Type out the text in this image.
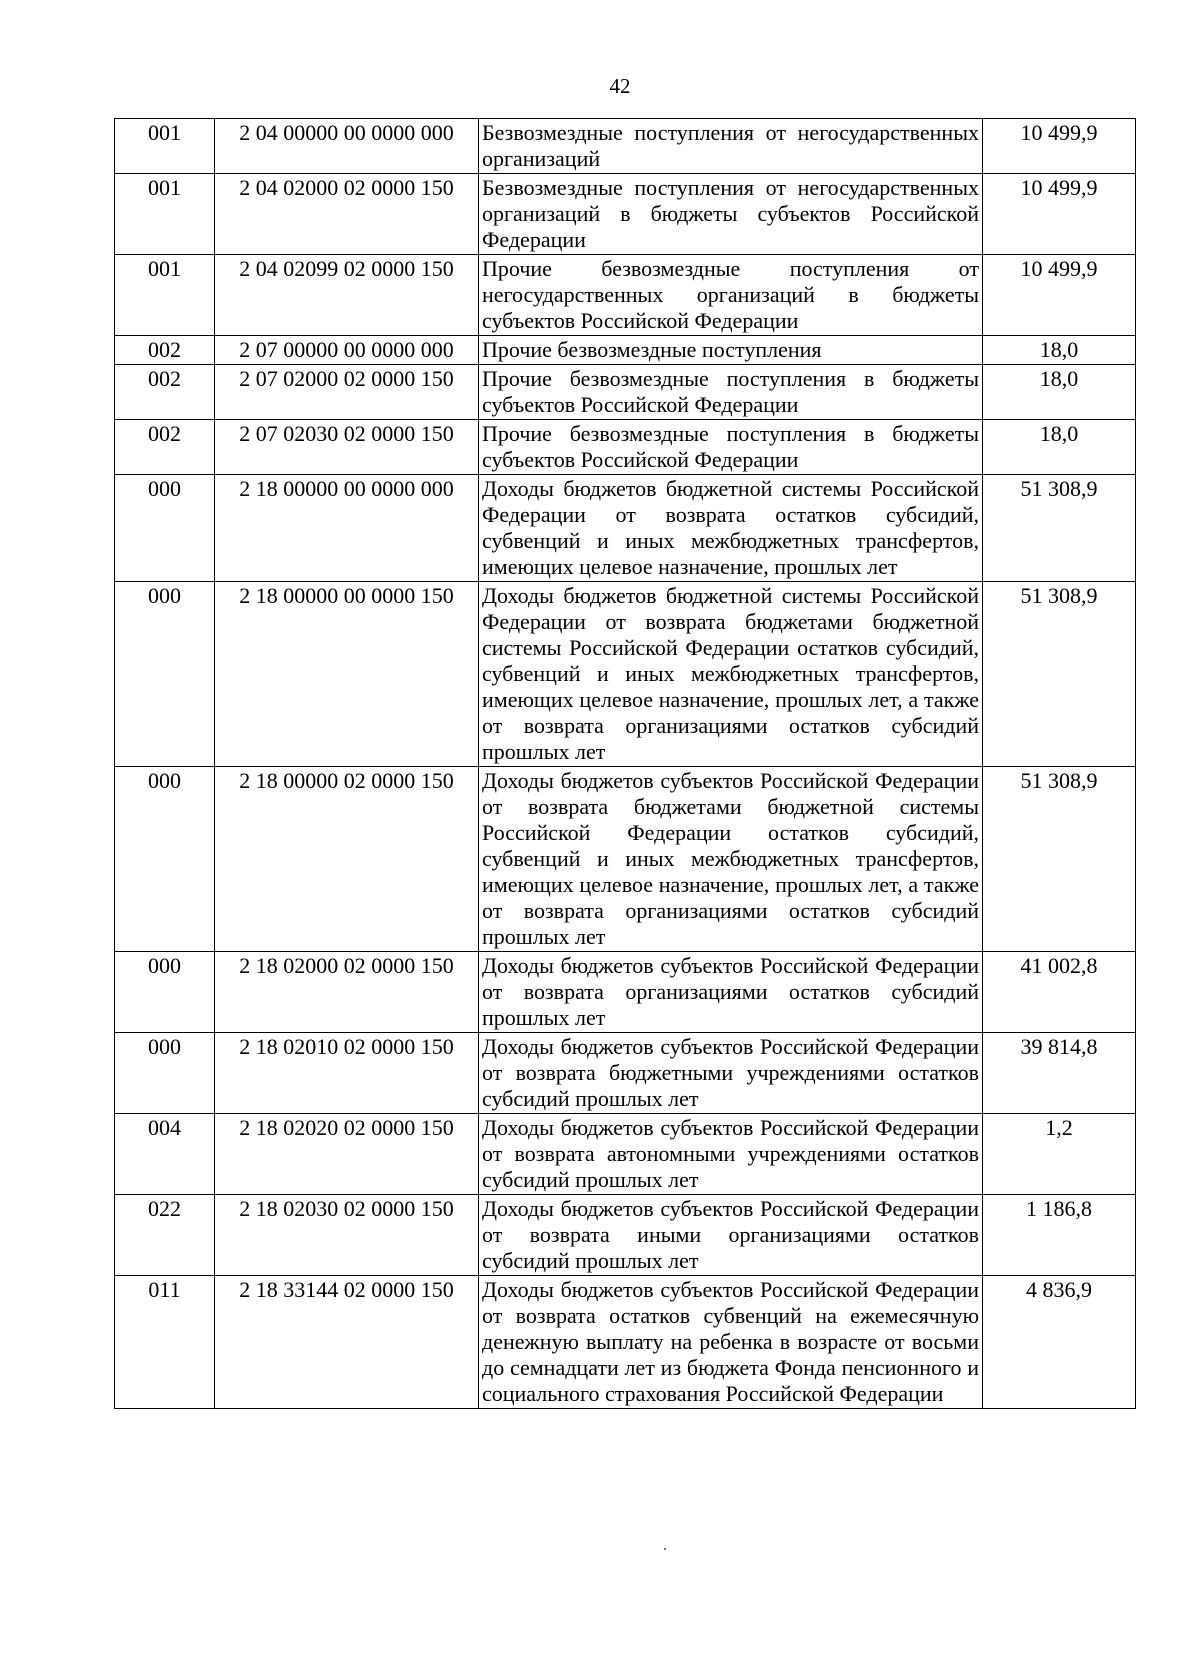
42
001	2 04 00000 00 0000 000	Безвозмездные поступления от негосударственных организаций	10 499,9
001	2 04 02000 02 0000 150	Безвозмездные поступления от негосударственных организаций в бюджеты субъектов Российской Федерации	10 499,9
001	2 04 02099 02 0000 150	Прочие безвозмездные поступления от негосударственных организаций в бюджеты субъектов Российской Федерации	10 499,9
002	2 07 00000 00 0000 000	Прочие безвозмездные поступления	18,0
002	2 07 02000 02 0000 150	Прочие безвозмездные поступления в бюджеты субъектов Российской Федерации	18,0
002	2 07 02030 02 0000 150	Прочие безвозмездные поступления в бюджеты субъектов Российской Федерации	18,0
000	2 18 00000 00 0000 000	Доходы бюджетов бюджетной системы Российской Федерации от возврата остатков субсидий, субвенций и иных межбюджетных трансфертов, имеющих целевое назначение, прошлых лет	51 308,9
000	2 18 00000 00 0000 150	Доходы бюджетов бюджетной системы Российской Федерации от возврата бюджетами бюджетной системы Российской Федерации остатков субсидий, субвенций и иных межбюджетных трансфертов, имеющих целевое назначение, прошлых лет, а также от возврата организациями остатков субсидий прошлых лет	51 308,9
000	2 18 00000 02 0000 150	Доходы бюджетов субъектов Российской Федерации от возврата бюджетами бюджетной системы Российской Федерации остатков субсидий, субвенций и иных межбюджетных трансфертов, имеющих целевое назначение, прошлых лет, а также от возврата организациями остатков субсидий прошлых лет	51 308,9
000	2 18 02000 02 0000 150	Доходы бюджетов субъектов Российской Федерации от возврата организациями остатков субсидий прошлых лет	41 002,8
000	2 18 02010 02 0000 150	Доходы бюджетов субъектов Российской Федерации от возврата бюджетными учреждениями остатков субсидий прошлых лет	39 814,8
004	2 18 02020 02 0000 150	Доходы бюджетов субъектов Российской Федерации от возврата автономными учреждениями остатков субсидий прошлых лет	1,2
022	2 18 02030 02 0000 150	Доходы бюджетов субъектов Российской Федерации от возврата иными организациями остатков субсидий прошлых лет	1 186,8
011	2 18 33144 02 0000 150	Доходы бюджетов субъектов Российской Федерации от возврата остатков субвенций на ежемесячную денежную выплату на ребенка в возрасте от восьми до семнадцати лет из бюджета Фонда пенсионного и социального страхования Российской Федерации	4 836,9
